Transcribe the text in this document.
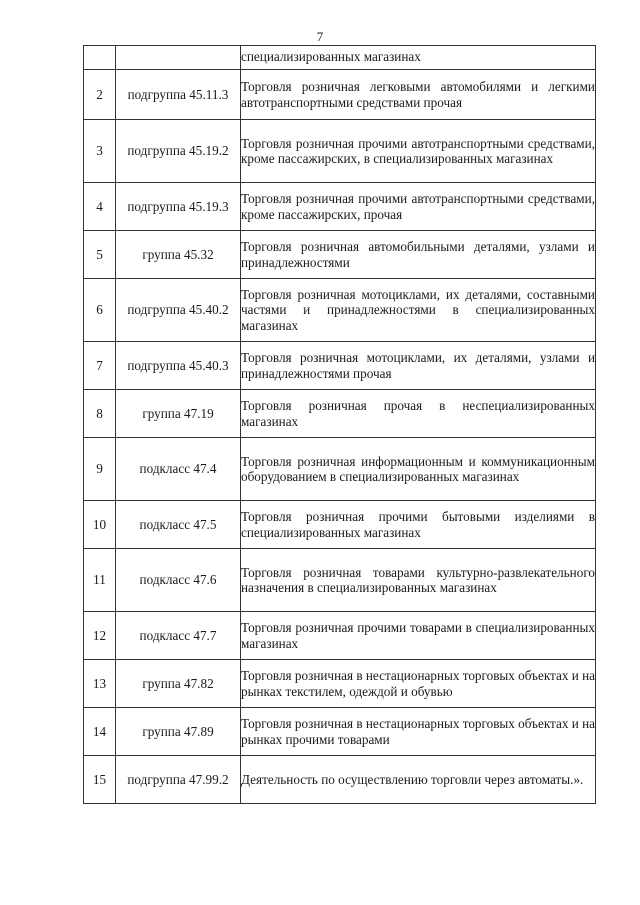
7
		специализированных магазинах
2	подгруппа 45.11.3	Торговля розничная легковыми автомобилями и легкими автотранспортными средствами прочая
3	подгруппа 45.19.2	Торговля розничная прочими автотранспортными средствами, кроме пассажирских, в специализированных магазинах
4	подгруппа 45.19.3	Торговля розничная прочими автотранспортными средствами, кроме пассажирских, прочая
5	группа 45.32	Торговля розничная автомобильными деталями, узлами и принадлежностями
6	подгруппа 45.40.2	Торговля розничная мотоциклами, их деталями, составными частями и принадлежностями в специализированных магазинах
7	подгруппа 45.40.3	Торговля розничная мотоциклами, их деталями, узлами и принадлежностями прочая
8	группа 47.19	Торговля розничная прочая в неспециализированных магазинах
9	подкласс 47.4	Торговля розничная информационным и коммуникационным оборудованием в специализированных магазинах
10	подкласс 47.5	Торговля розничная прочими бытовыми изделиями в специализированных магазинах
11	подкласс 47.6	Торговля розничная товарами культурно-развлекательного назначения в специализированных магазинах
12	подкласс 47.7	Торговля розничная прочими товарами в специализированных магазинах
13	группа 47.82	Торговля розничная в нестационарных торговых объектах и на рынках текстилем, одеждой и обувью
14	группа 47.89	Торговля розничная в нестационарных торговых объектах и на рынках прочими товарами
15	подгруппа 47.99.2	Деятельность по осуществлению торговли через автоматы.».
